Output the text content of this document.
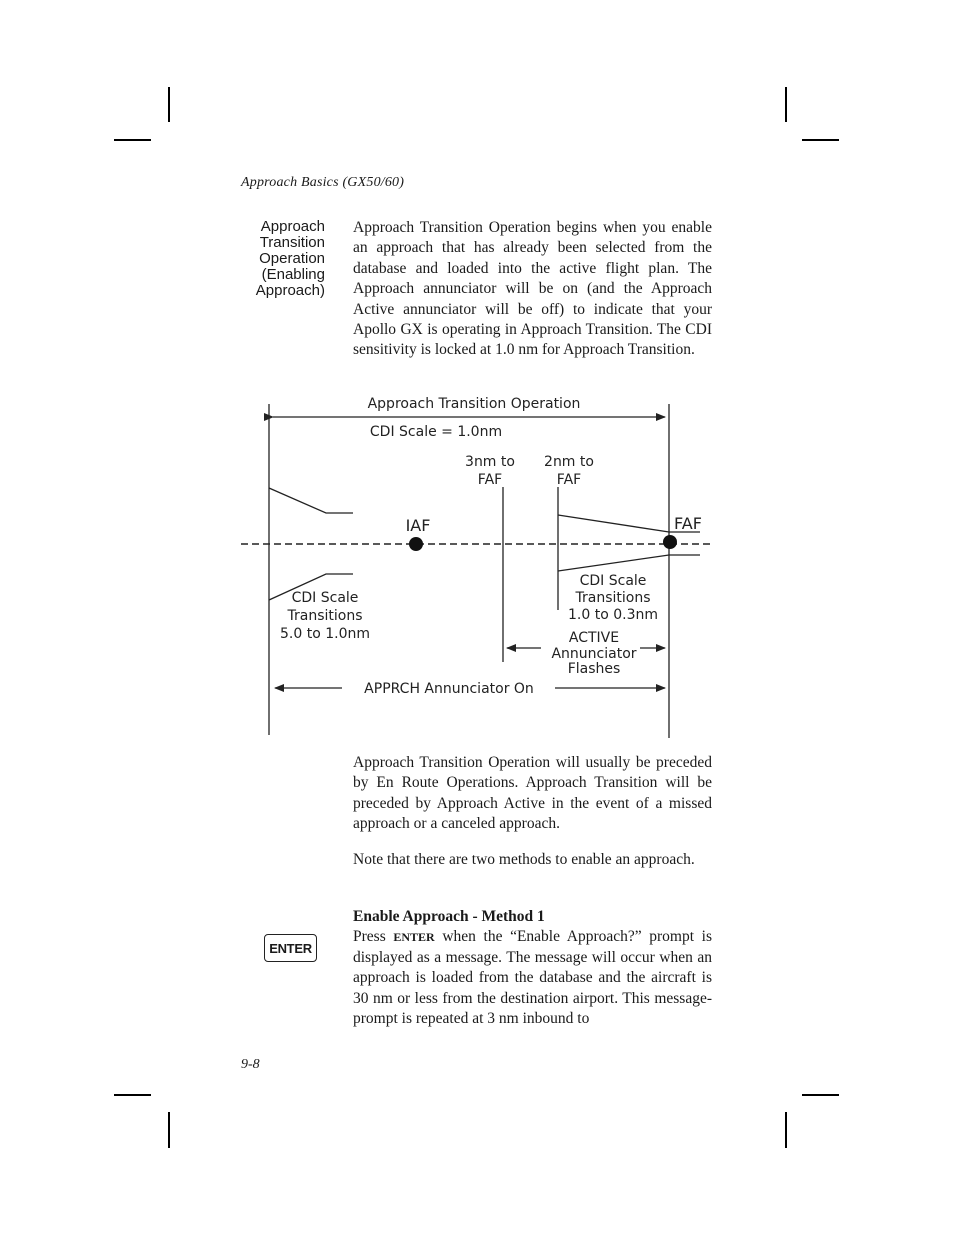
Approach Basics (GX50/60)
Approach
Transition
Operation
(Enabling
Approach)

Approach Transition Operation begins when you enable an approach that has already been selected from the database and loaded into the active flight plan. The Approach annunciator will be on (and the Approach Active annunciator will be off) to indicate that your Apollo GX is operating in Approach Transition. The CDI sensitivity is locked at 1.0 nm for Approach Transition.

Approach Transition Operation
CDI Scale = 1.0nm
3nm to
FAF
2nm to
FAF
IAF	FAF
CDI Scale
Transitions
5.0 to 1.0nm
CDI Scale
Transitions
1.0 to 0.3nm
ACTIVE
Annunciator
Flashes
APPRCH Annunciator On

Approach Transition Operation will usually be preceded by En Route Operations. Approach Transition will be preceded by Approach Active in the event of a missed approach or a canceled approach.

Note that there are two methods to enable an approach.

Enable Approach - Method 1

Press ENTER when the “Enable Approach?” prompt is displayed as a message. The message will occur when an approach is loaded from the database and the aircraft is 30 nm or less from the destination airport. This message-prompt is repeated at 3 nm inbound to

ENTER
9-8
